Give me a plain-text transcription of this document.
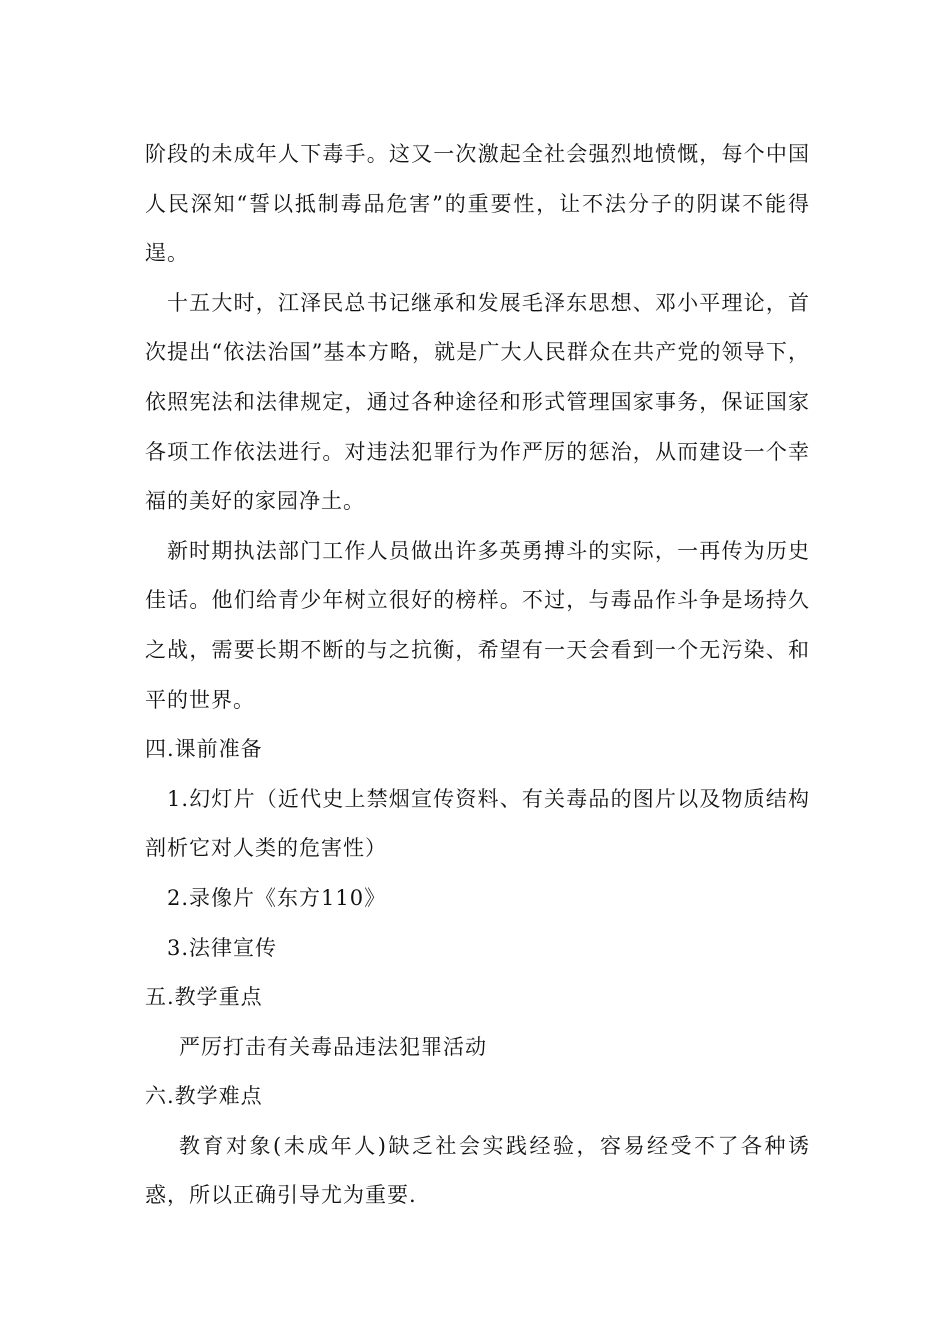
阶段的未成年人下毒手。这又一次激起全社会强烈地愤慨，每个中国人民深知“誓以抵制毒品危害”的重要性，让不法分子的阴谋不能得逞。

十五大时，江泽民总书记继承和发展毛泽东思想、邓小平理论，首次提出“依法治国”基本方略，就是广大人民群众在共产党的领导下，依照宪法和法律规定，通过各种途径和形式管理国家事务，保证国家各项工作依法进行。对违法犯罪行为作严厉的惩治，从而建设一个幸福的美好的家园净土。

新时期执法部门工作人员做出许多英勇搏斗的实际，一再传为历史佳话。他们给青少年树立很好的榜样。不过，与毒品作斗争是场持久之战，需要长期不断的与之抗衡，希望有一天会看到一个无污染、和平的世界。

四.课前准备

1.幻灯片（近代史上禁烟宣传资料、有关毒品的图片以及物质结构剖析它对人类的危害性）

2.录像片《东方110》

3.法律宣传

五.教学重点

严厉打击有关毒品违法犯罪活动

六.教学难点

教育对象(未成年人)缺乏社会实践经验，容易经受不了各种诱惑，所以正确引导尤为重要.
